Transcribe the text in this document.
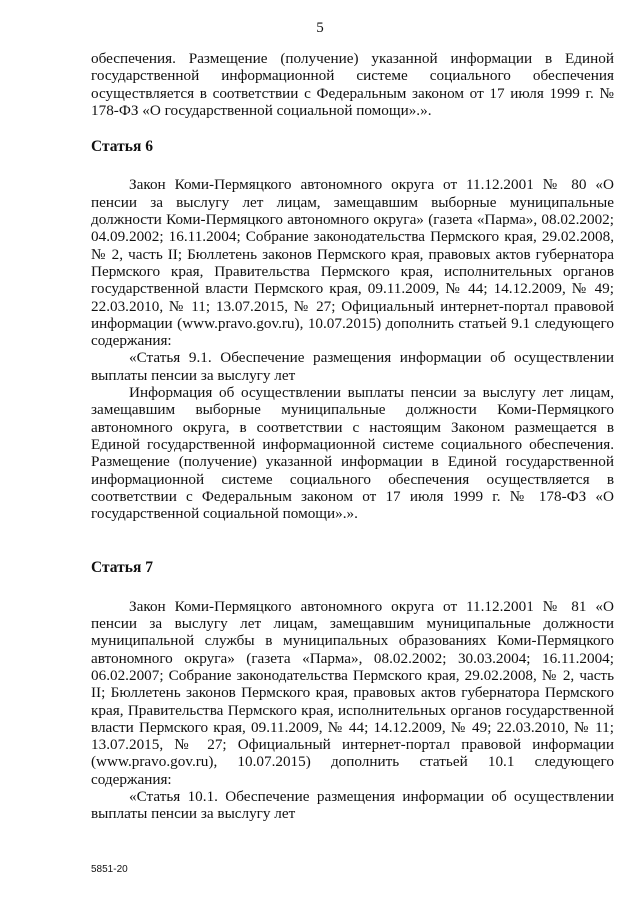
5

обеспечения. Размещение (получение) указанной информации в Единой государственной информационной системе социального обеспечения осуществляется в соответствии с Федеральным законом от 17 июля 1999 г. № 178-ФЗ «О государственной социальной помощи».».

Статья 6

Закон Коми-Пермяцкого автономного округа от 11.12.2001 № 80 «О пенсии за выслугу лет лицам, замещавшим выборные муниципальные должности Коми-Пермяцкого автономного округа» (газета «Парма», 08.02.2002; 04.09.2002; 16.11.2004; Собрание законодательства Пермского края, 29.02.2008, № 2, часть II; Бюллетень законов Пермского края, правовых актов губернатора Пермского края, Правительства Пермского края, исполнительных органов государственной власти Пермского края, 09.11.2009, № 44; 14.12.2009, № 49; 22.03.2010, № 11; 13.07.2015, № 27; Официальный интернет-портал правовой информации (www.pravo.gov.ru), 10.07.2015) дополнить статьей 9.1 следующего содержания:

«Статья 9.1. Обеспечение размещения информации об осуществлении выплаты пенсии за выслугу лет

Информация об осуществлении выплаты пенсии за выслугу лет лицам, замещавшим выборные муниципальные должности Коми-Пермяцкого автономного округа, в соответствии с настоящим Законом размещается в Единой государственной информационной системе социального обеспечения. Размещение (получение) указанной информации в Единой государственной информационной системе социального обеспечения осуществляется в соответствии с Федеральным законом от 17 июля 1999 г. № 178-ФЗ «О государственной социальной помощи».».

Статья 7

Закон Коми-Пермяцкого автономного округа от 11.12.2001 № 81 «О пенсии за выслугу лет лицам, замещавшим муниципальные должности муниципальной службы в муниципальных образованиях Коми-Пермяцкого автономного округа» (газета «Парма», 08.02.2002; 30.03.2004; 16.11.2004; 06.02.2007; Собрание законодательства Пермского края, 29.02.2008, № 2, часть II; Бюллетень законов Пермского края, правовых актов губернатора Пермского края, Правительства Пермского края, исполнительных органов государственной власти Пермского края, 09.11.2009, № 44; 14.12.2009, № 49; 22.03.2010, № 11; 13.07.2015, № 27; Официальный интернет-портал правовой информации (www.pravo.gov.ru), 10.07.2015) дополнить статьей 10.1 следующего содержания:

«Статья 10.1. Обеспечение размещения информации об осуществлении выплаты пенсии за выслугу лет

5851-20
